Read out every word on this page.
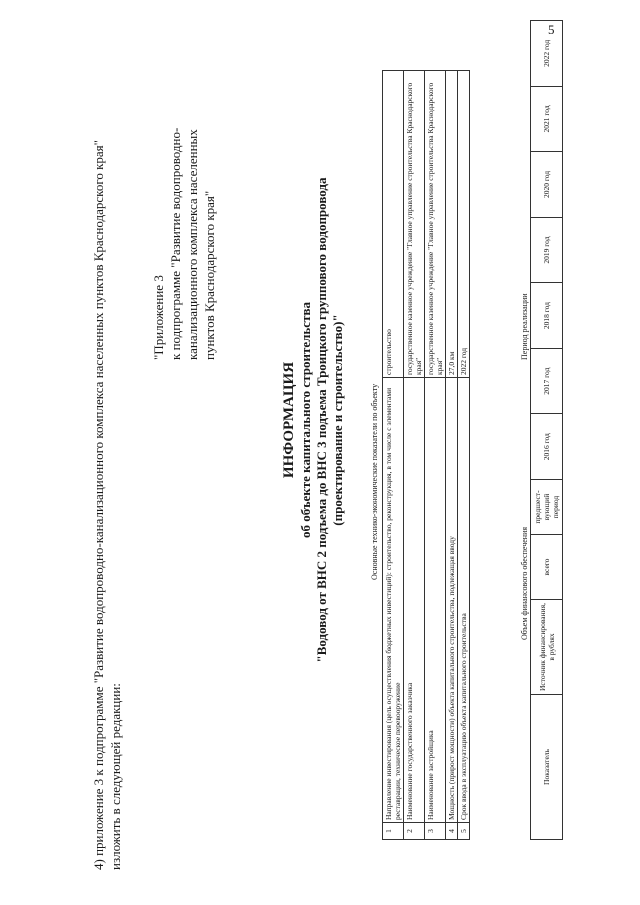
5
4) приложение 3 к подпрограмме "Развитие водопроводно-канализационного комплекса населенных пунктов Краснодарского края" изложить в следующей редакции:
"Приложение 3
к подпрограмме "Развитие водопроводно-канализационного комплекса населенных пунктов Краснодарского края"
ИНФОРМАЦИЯ об объекте капитального строительства "Водовод от ВНС 2 подъема до ВНС 3 подъема Троицкого группового водопровода (проектирование и строительство)"	Основные технико-экономические показатели по объекту
1	Направление инвестирования (цель осуществления бюджетных инвестиций): строительство, реконструкция, в том числе с элементами реставрации, техническое перевооружение	строительство
2	Наименование государственного заказчика	государственное казенное учреждение "Главное управление строительства Краснодарского края"
3	Наименование застройщика	государственное казенное учреждение "Главное управление строительства Краснодарского края"
4	Мощность (прирост мощности) объекта капитального строительства, подлежащая вводу	27,0 км
5	Срок ввода в эксплуатацию объекта капитального строительства	2022 год
Объем финансового обеспечения
Период реализации
Показатель	Источник финансирования, в рублях	всего	предшест-вующий период	2016 год	2017 год	2018 год	2019 год	2020 год	2021 год	2022 год
